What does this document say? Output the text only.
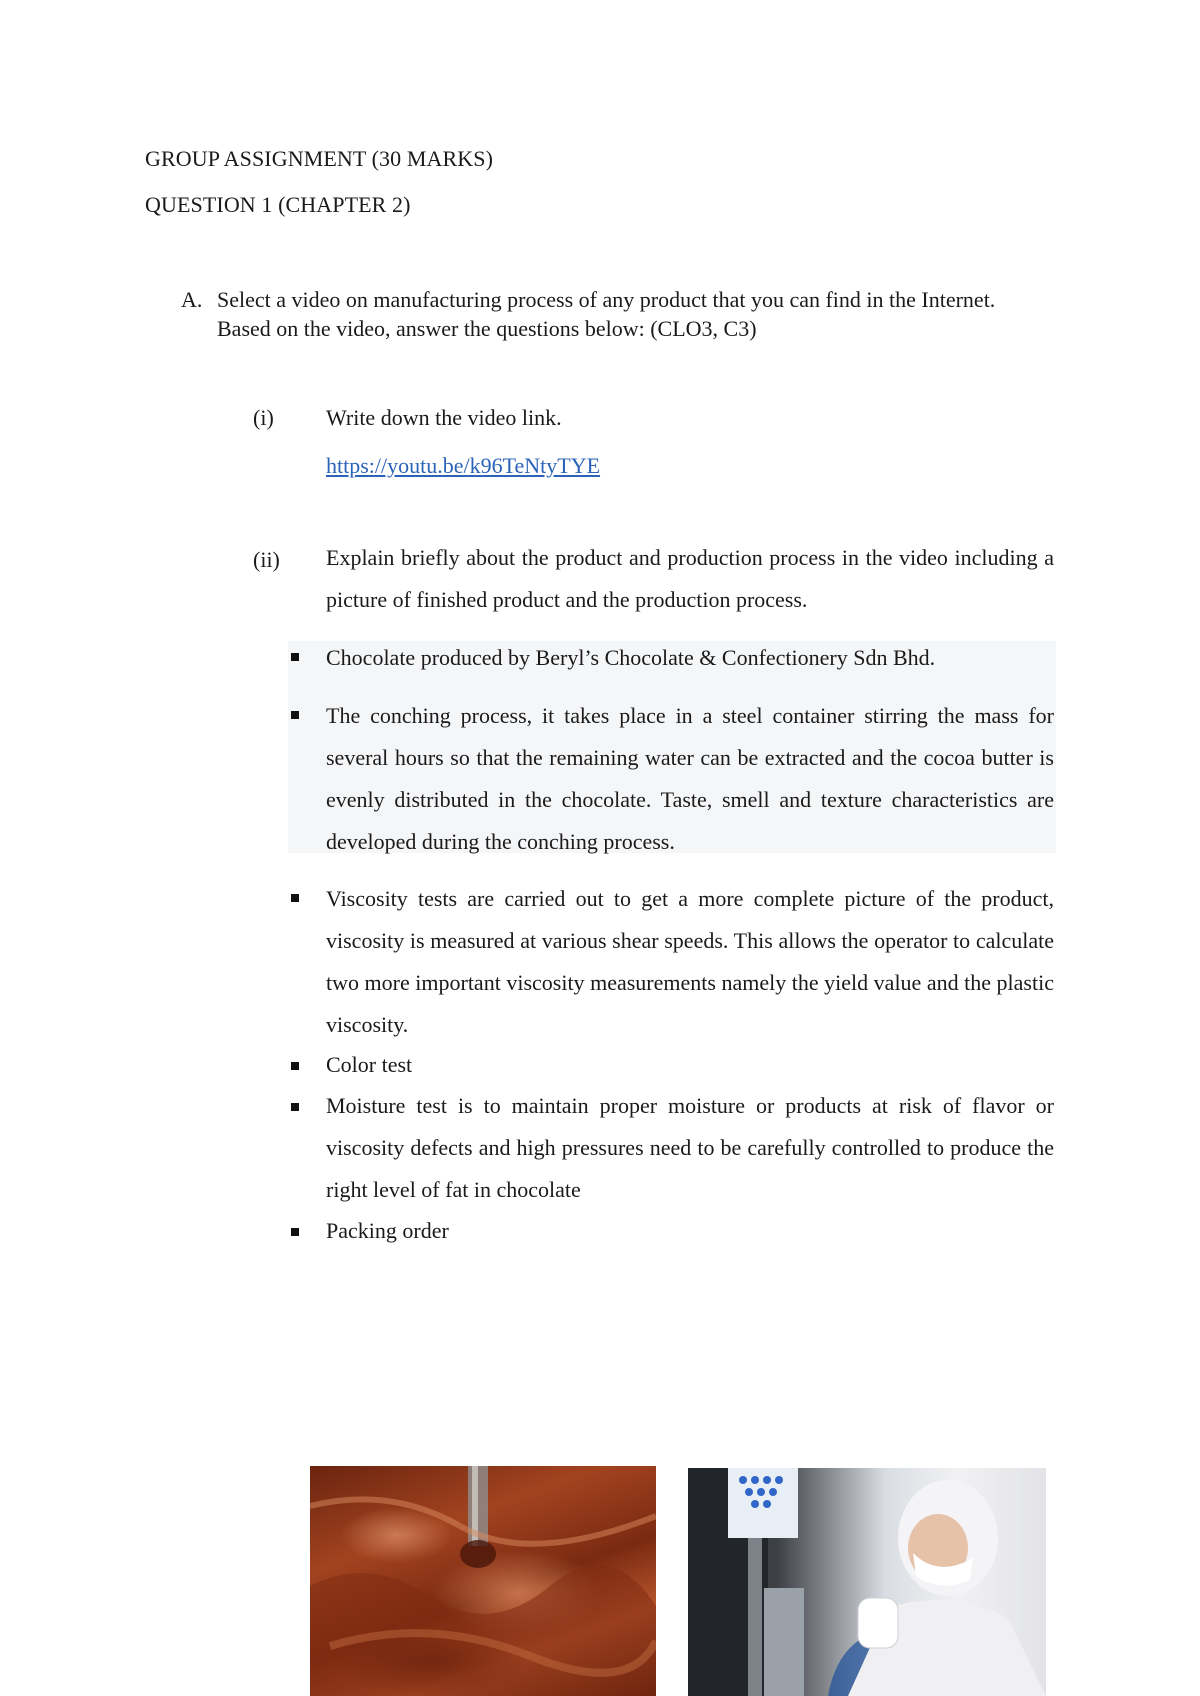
GROUP ASSIGNMENT (30 MARKS)
QUESTION 1 (CHAPTER 2)
A. Select a video on manufacturing process of any product that you can find in the Internet. Based on the video, answer the questions below: (CLO3, C3)
(i) Write down the video link.
https://youtu.be/k96TeNtyTYE
(ii) Explain briefly about the product and production process in the video including a picture of finished product and the production process.
Chocolate produced by Beryl’s Chocolate & Confectionery Sdn Bhd.
The conching process, it takes place in a steel container stirring the mass for several hours so that the remaining water can be extracted and the cocoa butter is evenly distributed in the chocolate. Taste, smell and texture characteristics are developed during the conching process.
Viscosity tests are carried out to get a more complete picture of the product, viscosity is measured at various shear speeds. This allows the operator to calculate two more important viscosity measurements namely the yield value and the plastic viscosity.
Color test
Moisture test is to maintain proper moisture or products at risk of flavor or viscosity defects and high pressures need to be carefully controlled to produce the right level of fat in chocolate
Packing order
